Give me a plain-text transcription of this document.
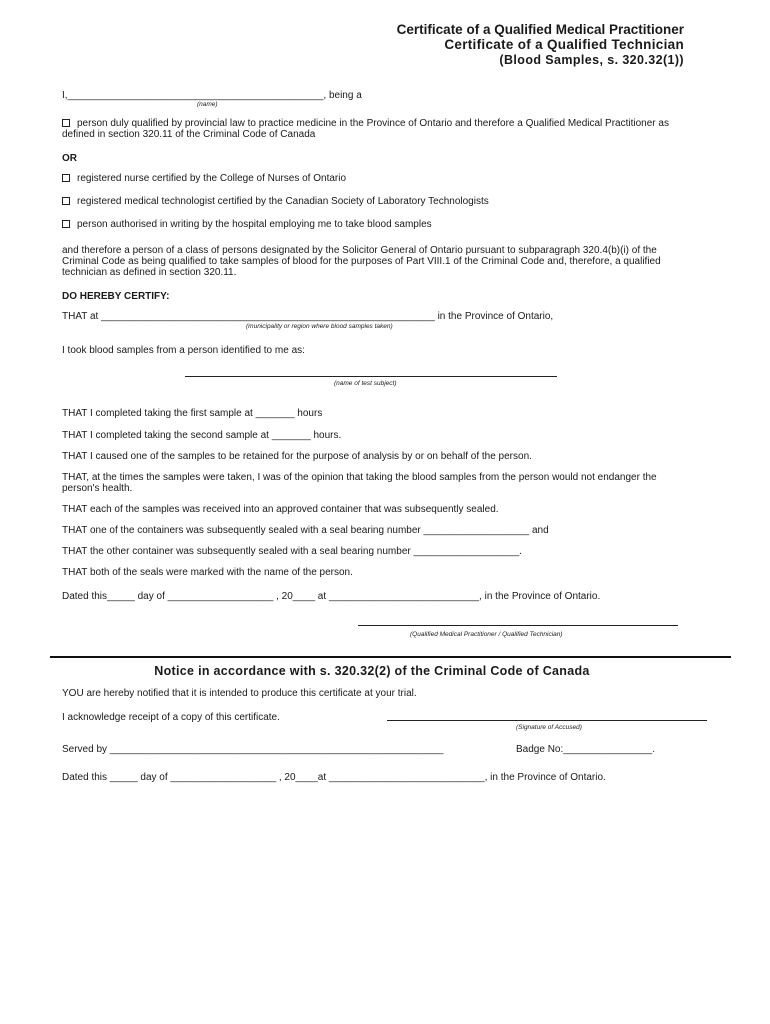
Certificate of a Qualified Medical Practitioner
Certificate of a Qualified Technician
(Blood Samples, s. 320.32(1))
I,______________________________________________, being a
(name)
person duly qualified by provincial law to practice medicine in the Province of Ontario and therefore a Qualified Medical Practitioner as defined in section 320.11 of the Criminal Code of Canada
OR
registered nurse certified by the College of Nurses of Ontario
registered medical technologist certified by the Canadian Society of Laboratory Technologists
person authorised in writing by the hospital employing me to take blood samples
and therefore a person of a class of persons designated by the Solicitor General of Ontario pursuant to subparagraph 320.4(b)(i) of the Criminal Code as being qualified to take samples of blood for the purposes of Part VIII.1 of the Criminal Code and, therefore, a qualified technician as defined in section 320.11.
DO HEREBY CERTIFY:
THAT at ____________________________________________________________ in the Province of Ontario,
(municipality or region where blood samples taken)
I took blood samples from a person identified to me as:
(name of test subject)
THAT I completed taking the first sample at _______ hours
THAT I completed taking the second sample at _______ hours.
THAT I caused one of the samples to be retained for the purpose of analysis by or on behalf of the person.
THAT, at the times the samples were taken, I was of the opinion that taking the blood samples from the person would not endanger the person's health.
THAT each of the samples was received into an approved container that was subsequently sealed.
THAT one of the containers was subsequently sealed with a seal bearing number ___________________ and
THAT the other container was subsequently sealed with a seal bearing number ___________________.
THAT both of the seals were marked with the name of the person.
Dated this_____ day of ___________________ , 20____ at ___________________________, in the Province of Ontario.
(Qualified Medical Practitioner / Qualified Technician)
Notice in accordance with s. 320.32(2) of the Criminal Code of Canada
YOU are hereby notified that it is intended to produce this certificate at your trial.
I acknowledge receipt of a copy of this certificate.
(Signature of Accused)
Served by ____________________________________________________________	Badge No:________________.
Dated this _____ day of ___________________ , 20____at ____________________________, in the Province of Ontario.
